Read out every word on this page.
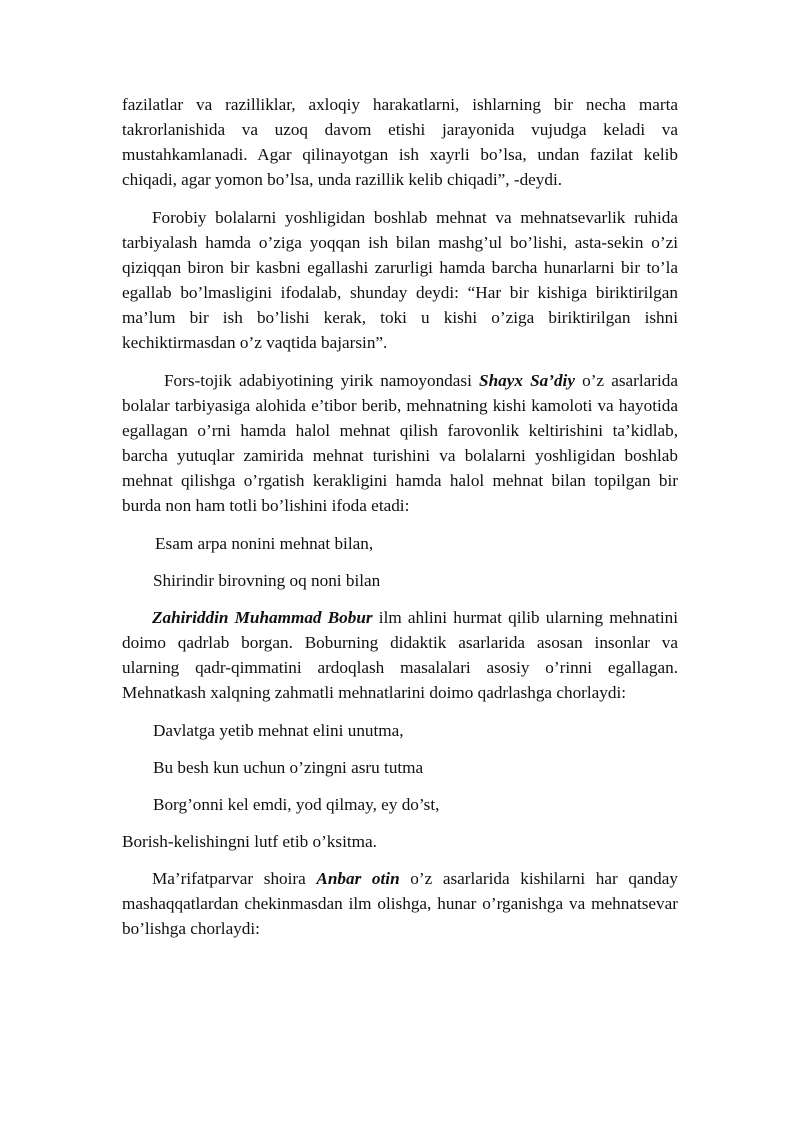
fazilatlar va razilliklar, axloqiy harakatlarni, ishlarning bir necha marta takrorlanishida va uzoq davom etishi jarayonida vujudga keladi va mustahkamlanadi. Agar qilinayotgan ish xayrli bo’lsa, undan fazilat kelib chiqadi, agar yomon bo’lsa, unda razillik kelib chiqadi”, -deydi.

Forobiy bolalarni yoshligidan boshlab mehnat va mehnatsevarlik ruhida tarbiyalash hamda o’ziga yoqqan ish bilan mashg’ul bo’lishi, asta-sekin o’zi qiziqqan biron bir kasbni egallashi zarurligi hamda barcha hunarlarni bir to’la egallab bo’lmasligini ifodalab, shunday deydi: “Har bir kishiga biriktirilgan ma’lum bir ish bo’lishi kerak, toki u kishi o’ziga biriktirilgan ishni kechiktirmasdan o’z vaqtida bajarsin”.

Fors-tojik adabiyotining yirik namoyondasi Shayx Sa’diy o’z asarlarida bolalar tarbiyasiga alohida e’tibor berib, mehnatning kishi kamoloti va hayotida egallagan o’rni hamda halol mehnat qilish farovonlik keltirishini ta’kidlab, barcha yutuqlar zamirida mehnat turishini va bolalarni yoshligidan boshlab mehnat qilishga o’rgatish kerakligini hamda halol mehnat bilan topilgan bir burda non ham totli bo’lishini ifoda etadi:

Esam arpa nonini mehnat bilan,

Shirindir birovning oq noni bilan

Zahiriddin Muhammad Bobur ilm ahlini hurmat qilib ularning mehnatini doimo qadrlab borgan. Boburning didaktik asarlarida asosan insonlar va ularning qadr-qimmatini ardoqlash masalalari asosiy o’rinni egallagan. Mehnatkash xalqning zahmatli mehnatlarini doimo qadrlashga chorlaydi:

Davlatga yetib mehnat elini unutma,

Bu besh kun uchun o’zingni asru tutma

Borg’onni kel emdi, yod qilmay, ey do’st,

Borish-kelishingni lutf etib o’ksitma.

Ma’rifatparvar shoira Anbar otin o’z asarlarida kishilarni har qanday mashaqqatlardan chekinmasdan ilm olishga, hunar o’rganishga va mehnatsevar bo’lishga chorlaydi:
